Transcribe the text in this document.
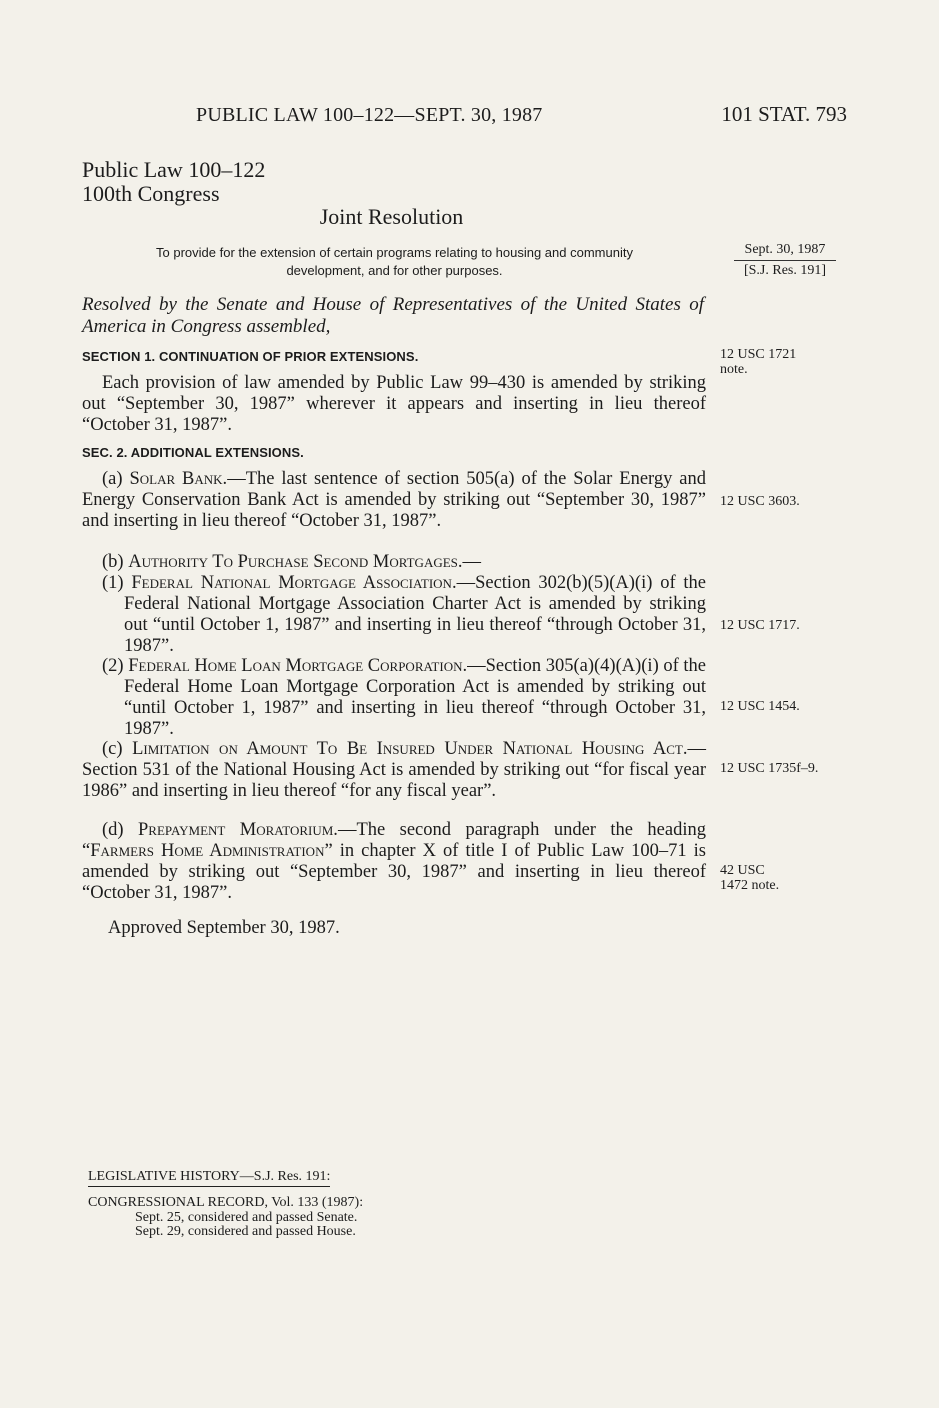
PUBLIC LAW 100–122—SEPT. 30, 1987	101 STAT. 793
Public Law 100–122
100th Congress
Joint Resolution
To provide for the extension of certain programs relating to housing and community
development, and for other purposes.
Sept. 30, 1987
[S.J. Res. 191]
Resolved by the Senate and House of Representatives of the United States of America in Congress assembled,
SECTION 1. CONTINUATION OF PRIOR EXTENSIONS.
Each provision of law amended by Public Law 99–430 is amended by striking out “September 30, 1987” wherever it appears and inserting in lieu thereof “October 31, 1987”.
12 USC 1721
note.
SEC. 2. ADDITIONAL EXTENSIONS.
(a) Solar Bank.—The last sentence of section 505(a) of the Solar Energy and Energy Conservation Bank Act is amended by striking out “September 30, 1987” and inserting in lieu thereof “October 31, 1987”.
12 USC 3603.
(b) Authority To Purchase Second Mortgages.—
(1) Federal National Mortgage Association.—Section 302(b)(5)(A)(i) of the Federal National Mortgage Association Charter Act is amended by striking out “until October 1, 1987” and inserting in lieu thereof “through October 31, 1987”.
12 USC 1717.
(2) Federal Home Loan Mortgage Corporation.—Section 305(a)(4)(A)(i) of the Federal Home Loan Mortgage Corporation Act is amended by striking out “until October 1, 1987” and inserting in lieu thereof “through October 31, 1987”.
12 USC 1454.
(c) Limitation on Amount To Be Insured Under National Housing Act.—Section 531 of the National Housing Act is amended by striking out “for fiscal year 1986” and inserting in lieu thereof “for any fiscal year”.
12 USC 1735f–9.
(d) Prepayment Moratorium.—The second paragraph under the heading “Farmers Home Administration” in chapter X of title I of Public Law 100–71 is amended by striking out “September 30, 1987” and inserting in lieu thereof “October 31, 1987”.
42 USC
1472 note.
Approved September 30, 1987.
LEGISLATIVE HISTORY—S.J. Res. 191:
CONGRESSIONAL RECORD, Vol. 133 (1987):
Sept. 25, considered and passed Senate.
Sept. 29, considered and passed House.
